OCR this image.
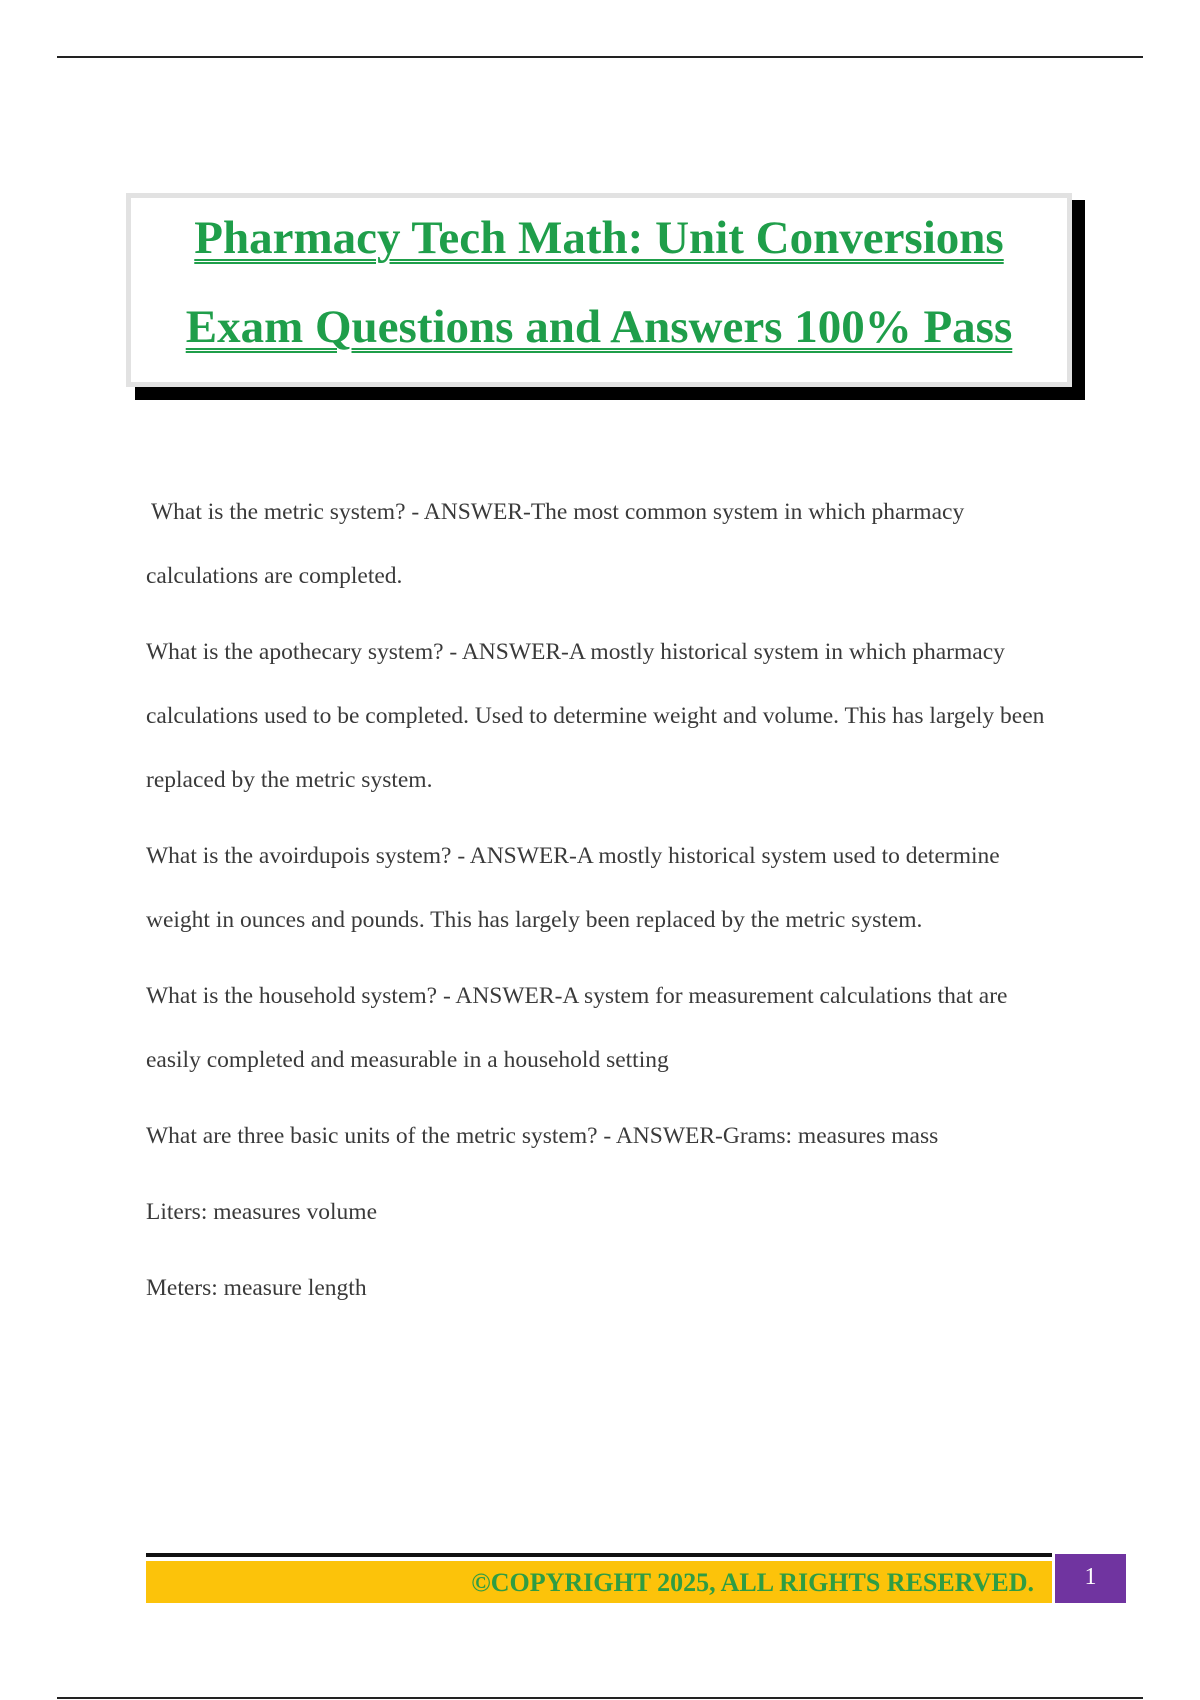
Pharmacy Tech Math: Unit Conversions
Exam Questions and Answers 100% Pass

What is the metric system? - ANSWER-The most common system in which pharmacy calculations are completed.

What is the apothecary system? - ANSWER-A mostly historical system in which pharmacy calculations used to be completed. Used to determine weight and volume. This has largely been replaced by the metric system.

What is the avoirdupois system? - ANSWER-A mostly historical system used to determine weight in ounces and pounds. This has largely been replaced by the metric system.

What is the household system? - ANSWER-A system for measurement calculations that are easily completed and measurable in a household setting

What are three basic units of the metric system? - ANSWER-Grams: measures mass

Liters: measures volume

Meters: measure length

©COPYRIGHT 2025, ALL RIGHTS RESERVED.	1
